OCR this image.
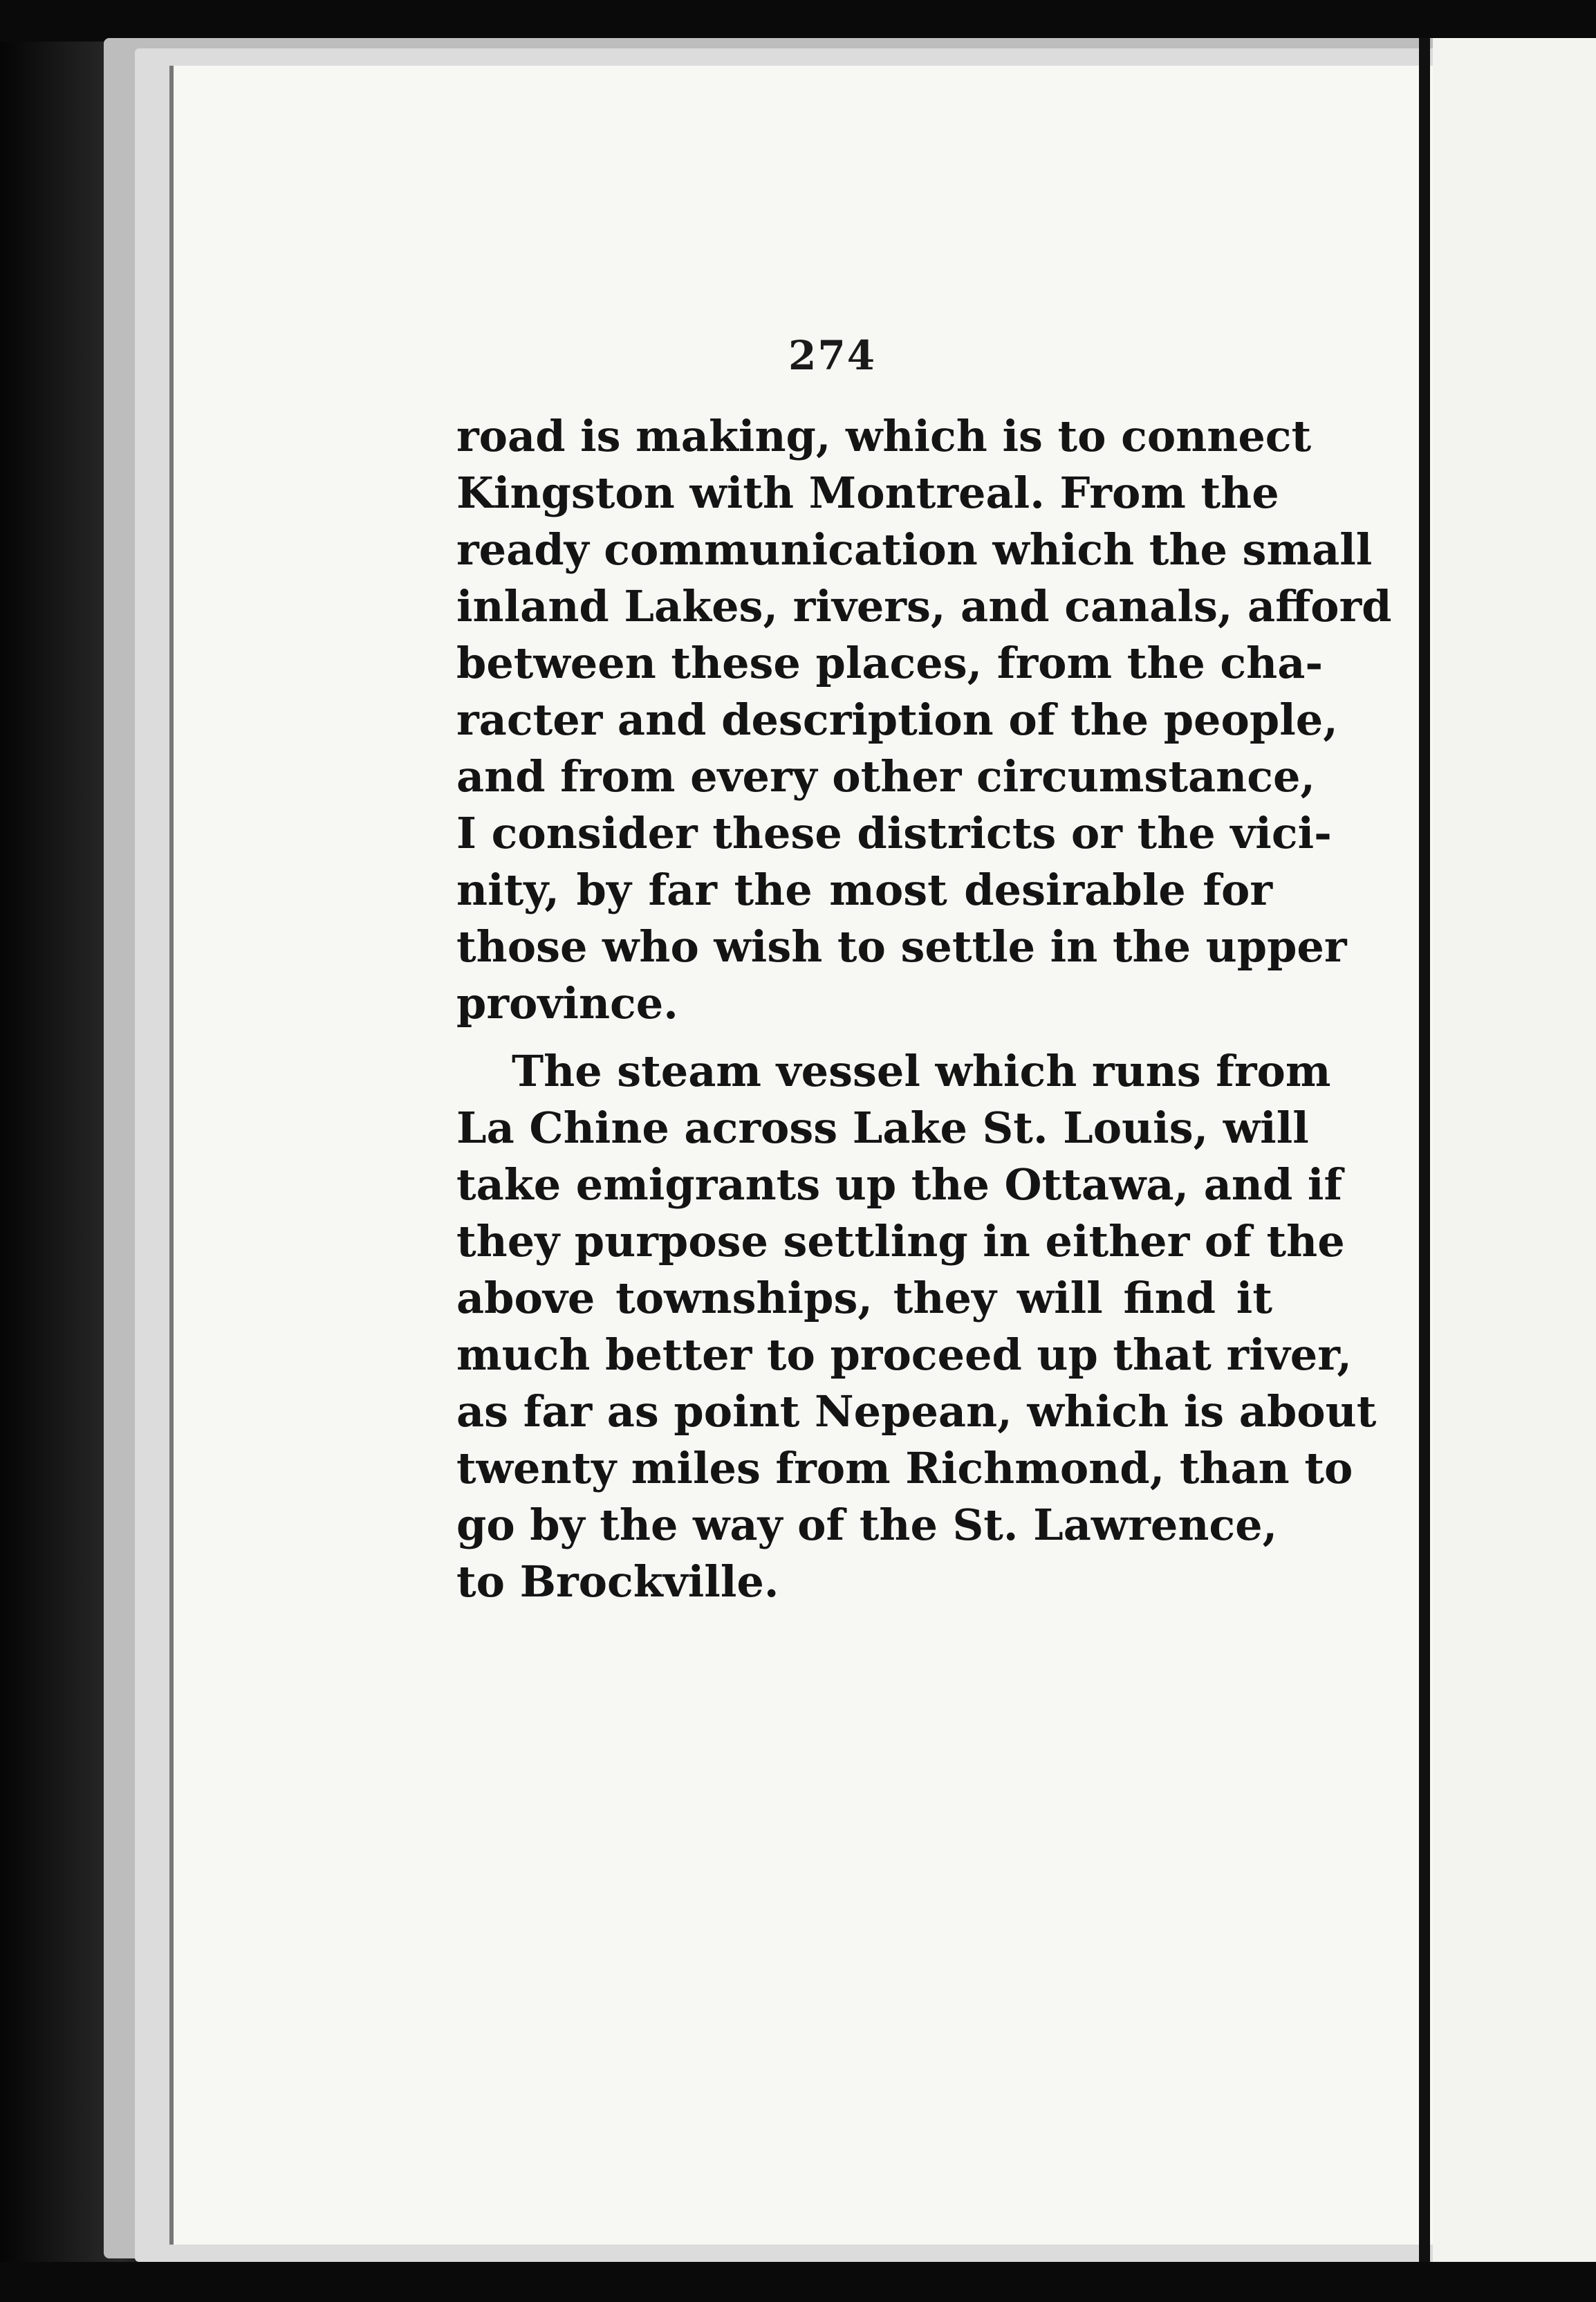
274
road is making, which is to connect
Kingston with Montreal. From the
ready communication which the small
inland Lakes, rivers, and canals, afford
between these places, from the cha-
racter and description of the people,
and from every other circumstance,
I consider these districts or the vici-
nity, by far the most desirable for
those who wish to settle in the upper
province.
The steam vessel which runs from
La Chine across Lake St. Louis, will
take emigrants up the Ottawa, and if
they purpose settling in either of the
above townships, they will find it
much better to proceed up that river,
as far as point Nepean, which is about
twenty miles from Richmond, than to
go by the way of the St. Lawrence,
to Brockville.
